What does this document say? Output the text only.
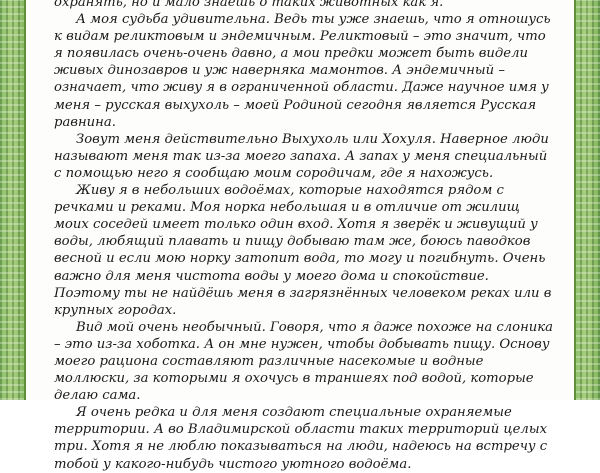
охранять, но и мало знаешь о таких животных как я.

А моя судьба удивительна. Ведь ты уже знаешь, что я отношусь к видам реликтовым и эндемичным. Реликтовый – это значит, что я появилась очень-очень давно, а мои предки может быть видели живых динозавров и уж наверняка мамонтов. А эндемичный – означает, что живу я в ограниченной области. Даже научное имя у меня – русская выхухоль – моей Родиной сегодня является Русская равнина.

Зовут меня действительно Выхухоль или Хохуля. Наверное люди называют меня так из-за моего запаха. А запах у меня специальный с помощью него я сообщаю моим сородичам, где я нахожусь.

Живу я в небольших водоёмах, которые находятся рядом с речками и реками. Моя норка небольшая и в отличие от жилищ моих соседей имеет только один вход. Хотя я зверёк и живущий у воды, любящий плавать и пищу добываю там же, боюсь паводков весной и если мою норку затопит вода, то могу и погибнуть. Очень важно для меня чистота воды у моего дома и спокойствие. Поэтому ты не найдёшь меня в загрязнённых человеком реках или в крупных городах.

Вид мой очень необычный. Говоря, что я даже похоже на слоника – это из-за хоботка. А он мне нужен, чтобы добывать пищу. Основу моего рациона составляют различные насекомые и водные моллюски, за которыми я охочусь в траншеях под водой, которые делаю сама.

Я очень редка и для меня создают специальные охраняемые территории. А во Владимирской области таких территорий целых три. Хотя я не люблю показываться на люди, надеюсь на встречу с тобой у какого-нибудь чистого уютного водоёма.
